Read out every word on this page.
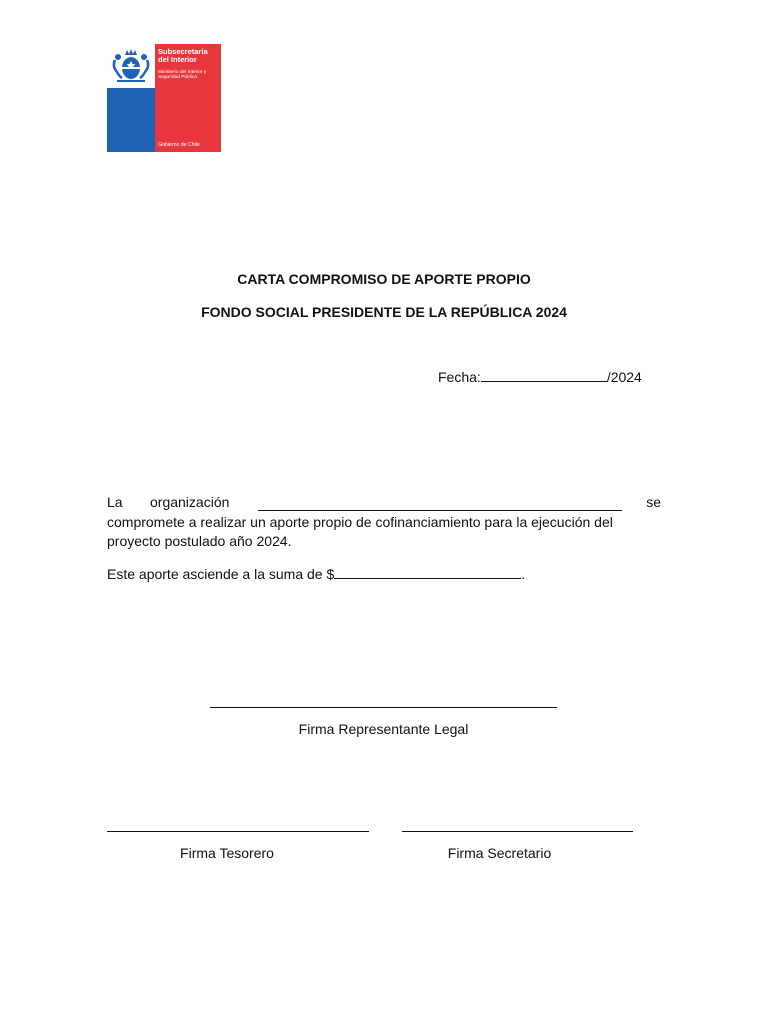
Subsecretaría del Interior
Ministerio del Interior y Seguridad Pública
Gobierno de Chile
CARTA COMPROMISO DE APORTE PROPIO
FONDO SOCIAL PRESIDENTE DE LA REPÚBLICA 2024
Fecha:	/2024
La organización	se
compromete a realizar un aporte propio de cofinanciamiento para la ejecución del
proyecto postulado año 2024.
Este aporte asciende a la suma de $	.
Firma Representante Legal
Firma Tesorero	Firma Secretario
